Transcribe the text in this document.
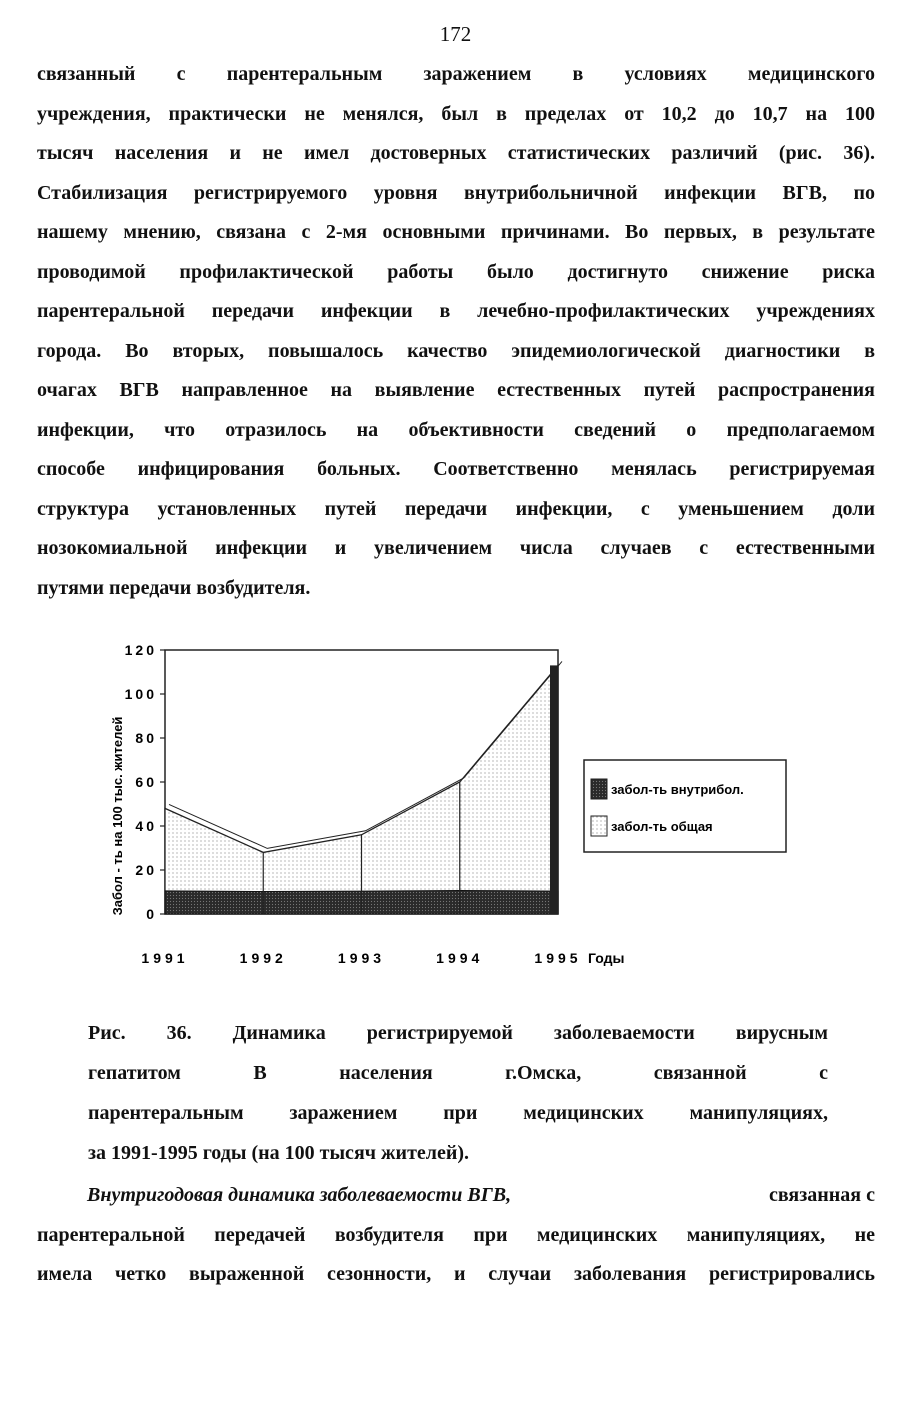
172
связанный с парентеральным заражением в условиях медицинского
учреждения, практически не менялся, был в пределах от 10,2 до 10,7 на 100
тысяч населения и не имел достоверных статистических различий (рис. 36).
Стабилизация регистрируемого уровня внутрибольничной инфекции ВГВ, по
нашему мнению, связана с 2-мя основными причинами. Во первых, в результате
проводимой профилактической работы было достигнуто снижение риска
парентеральной передачи инфекции в лечебно-профилактических учреждениях
города. Во вторых, повышалось качество эпидемиологической диагностики в
очагах ВГВ направленное на выявление естественных путей распространения
инфекции, что отразилось на объективности сведений о предполагаемом
способе инфицирования больных. Соответственно менялась регистрируемая
структура установленных путей передачи инфекции, с уменьшением доли
нозокомиальной инфекции и увеличением числа случаев с естественными
путями передачи возбудителя.
0
20
40
60
80
100
120
1991	1992	1993	1994	1995
Забол - ть на 100 тыс. жителей
Годы
забол-ть внутрибол.
забол-ть общая
Рис. 36. Динамика регистрируемой заболеваемости вирусным
гепатитом В населения г.Омска, связанной с
парентеральным заражением при медицинских манипуляциях,
за 1991-1995 годы (на 100 тысяч жителей).
Внутригодовая динамика заболеваемости ВГВ,	связанная с
парентеральной передачей возбудителя при медицинских манипуляциях, не
имела четко выраженной сезонности, и случаи заболевания регистрировались
